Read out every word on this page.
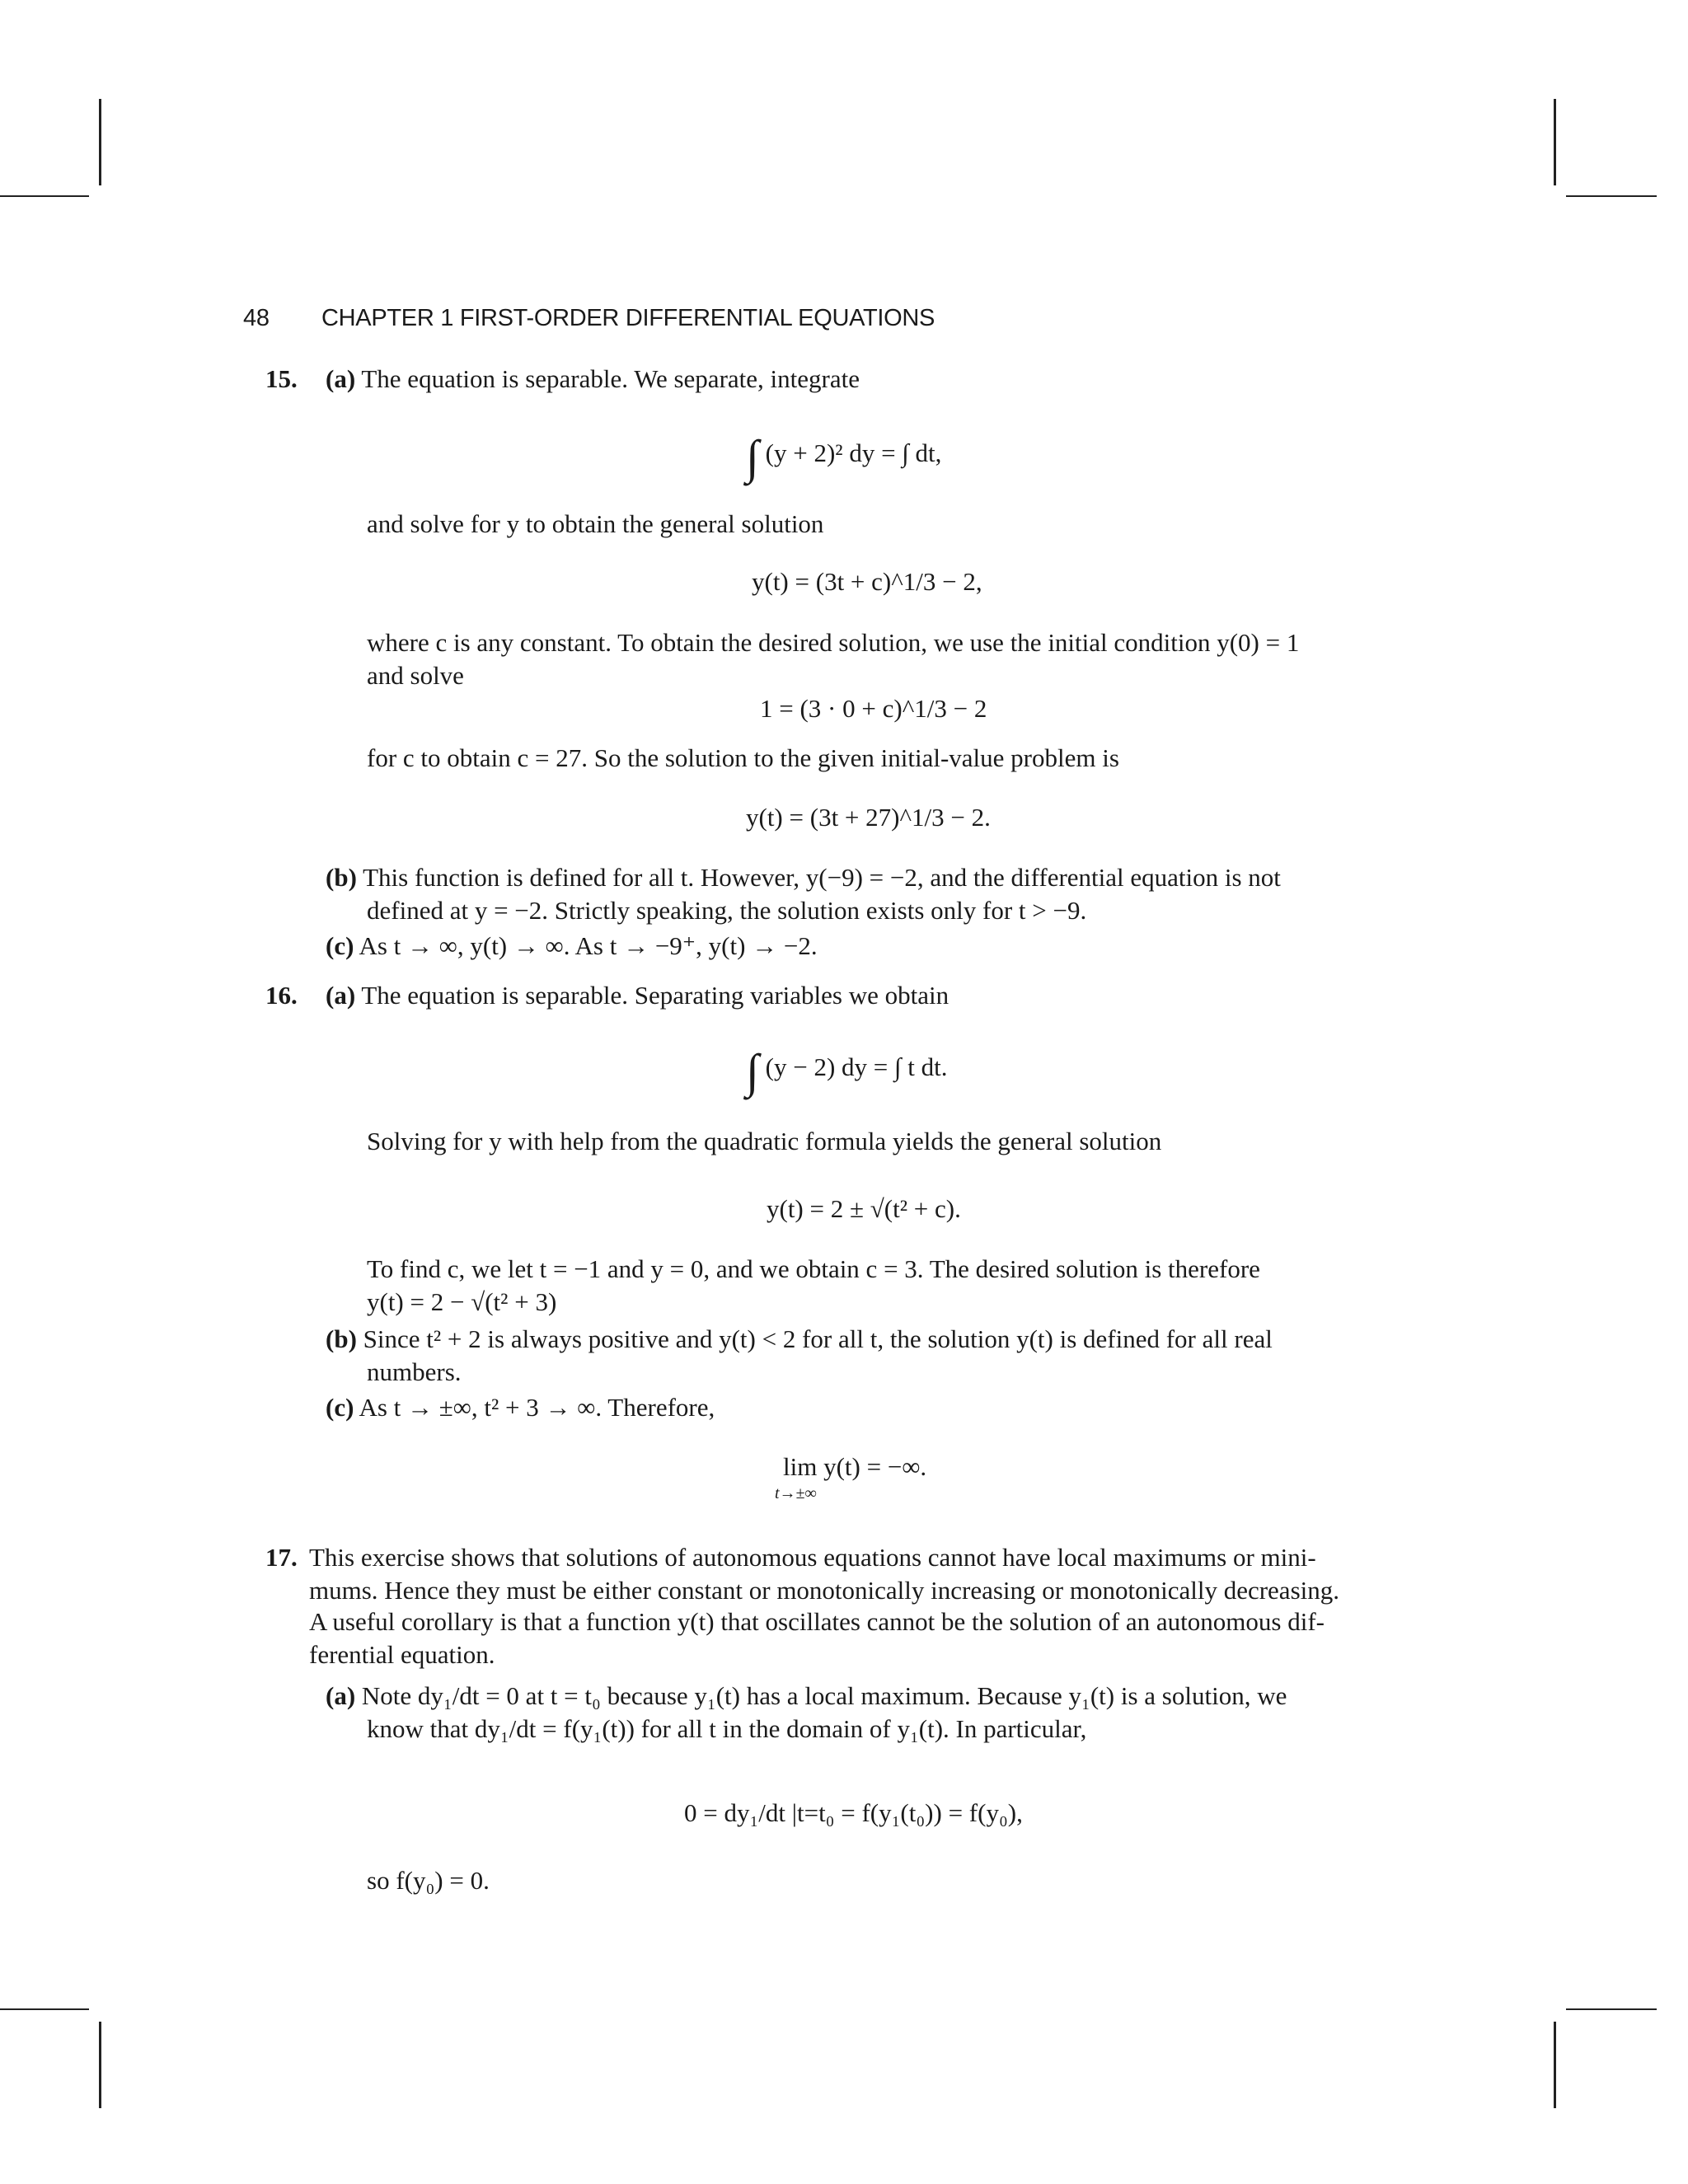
48 CHAPTER 1 FIRST-ORDER DIFFERENTIAL EQUATIONS
15. (a) The equation is separable. We separate, integrate
∫ (y + 2)² dy = ∫ dt,
and solve for y to obtain the general solution
y(t) = (3t + c)^1/3 − 2,
where c is any constant. To obtain the desired solution, we use the initial condition y(0) = 1
and solve
1 = (3 · 0 + c)^1/3 − 2
for c to obtain c = 27. So the solution to the given initial-value problem is
y(t) = (3t + 27)^1/3 − 2.
(b) This function is defined for all t. However, y(−9) = −2, and the differential equation is not
defined at y = −2. Strictly speaking, the solution exists only for t > −9.
(c) As t → ∞, y(t) → ∞. As t → −9⁺, y(t) → −2.
16. (a) The equation is separable. Separating variables we obtain
∫ (y − 2) dy = ∫ t dt.
Solving for y with help from the quadratic formula yields the general solution
y(t) = 2 ± √(t² + c).
To find c, we let t = −1 and y = 0, and we obtain c = 3. The desired solution is therefore
y(t) = 2 − √(t² + 3)
(b) Since t² + 2 is always positive and y(t) < 2 for all t, the solution y(t) is defined for all real
numbers.
(c) As t → ±∞, t² + 3 → ∞. Therefore,
lim y(t) = −∞.
t→±∞
17. This exercise shows that solutions of autonomous equations cannot have local maximums or mini-
mums. Hence they must be either constant or monotonically increasing or monotonically decreasing.
A useful corollary is that a function y(t) that oscillates cannot be the solution of an autonomous dif-
ferential equation.
(a) Note dy₁/dt = 0 at t = t₀ because y₁(t) has a local maximum. Because y₁(t) is a solution, we
know that dy₁/dt = f(y₁(t)) for all t in the domain of y₁(t). In particular,
0 = dy₁/dt |t=t₀ = f(y₁(t₀)) = f(y₀),
so f(y₀) = 0.
